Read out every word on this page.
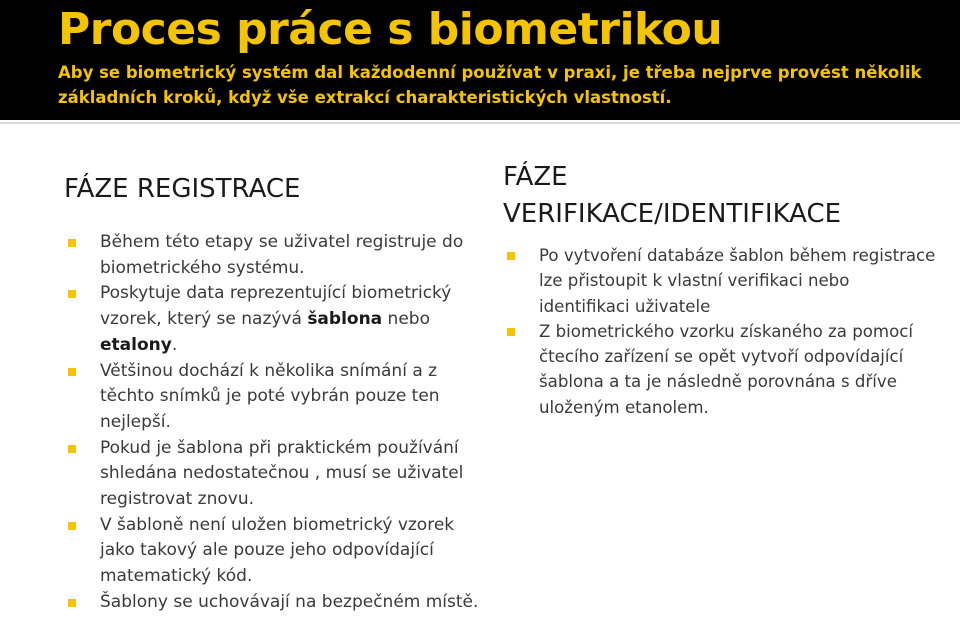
Proces práce s biometrikou
Aby se biometrický systém dal každodenní používat v praxi, je třeba nejprve provést několik základních kroků, když vše extrakcí charakteristických vlastností.
FÁZE REGISTRACE
Během této etapy se uživatel registruje do biometrického systému.
Poskytuje data reprezentující biometrický vzorek, který se nazývá šablona nebo etalony.
Většinou dochází k několika snímání a z těchto snímků je poté vybrán pouze ten nejlepší.
Pokud je šablona při praktickém používání shledána nedostatečnou , musí se uživatel registrovat znovu.
V šabloně není uložen biometrický vzorek jako takový ale pouze jeho odpovídající matematický kód.
Šablony se uchovávají na bezpečném místě.
FÁZE
VERIFIKACE/IDENTIFIKACE
Po vytvoření databáze šablon během registrace lze přistoupit k vlastní verifikaci nebo identifikaci uživatele
Z biometrického vzorku získaného za pomocí čtecího zařízení se opět vytvoří odpovídající šablona a ta je následně porovnána s dříve uloženým etanolem.
